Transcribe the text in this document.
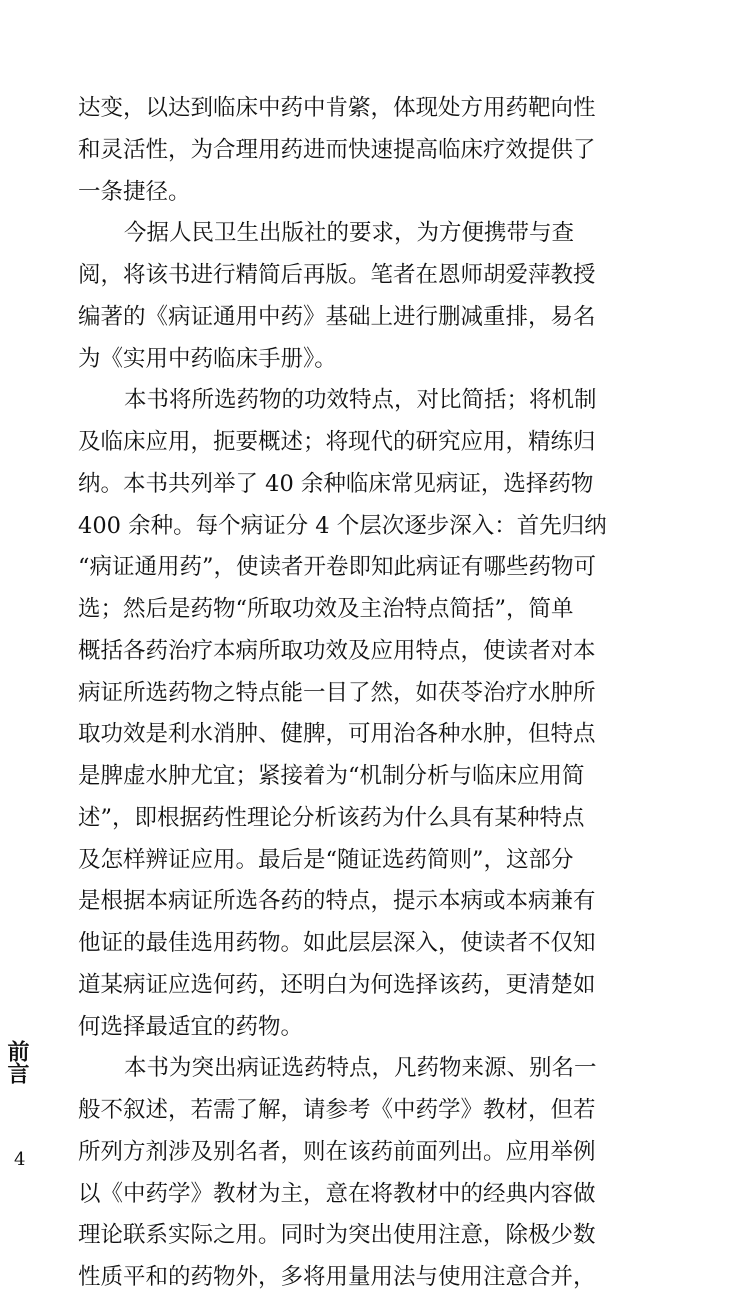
达变，以达到临床中药中肯綮，体现处方用药靶向性
和灵活性，为合理用药进而快速提高临床疗效提供了
一条捷径。
今据人民卫生出版社的要求，为方便携带与查
阅，将该书进行精简后再版。笔者在恩师胡爱萍教授
编著的《病证通用中药》基础上进行删减重排，易名
为《实用中药临床手册》。
本书将所选药物的功效特点，对比简括；将机制
及临床应用，扼要概述；将现代的研究应用，精练归
纳。本书共列举了 40 余种临床常见病证，选择药物
400 余种。每个病证分 4 个层次逐步深入：首先归纳
“病证通用药”，使读者开卷即知此病证有哪些药物可
选；然后是药物“所取功效及主治特点简括”，简单
概括各药治疗本病所取功效及应用特点，使读者对本
病证所选药物之特点能一目了然，如茯苓治疗水肿所
取功效是利水消肿、健脾，可用治各种水肿，但特点
是脾虚水肿尤宜；紧接着为“机制分析与临床应用简
述”，即根据药性理论分析该药为什么具有某种特点
及怎样辨证应用。最后是“随证选药简则”，这部分
是根据本病证所选各药的特点，提示本病或本病兼有
他证的最佳选用药物。如此层层深入，使读者不仅知
道某病证应选何药，还明白为何选择该药，更清楚如
何选择最适宜的药物。
本书为突出病证选药特点，凡药物来源、别名一
般不叙述，若需了解，请参考《中药学》教材，但若
所列方剂涉及别名者，则在该药前面列出。应用举例
以《中药学》教材为主，意在将教材中的经典内容做
理论联系实际之用。同时为突出使用注意，除极少数
性质平和的药物外，多将用量用法与使用注意合并，
前言
4
